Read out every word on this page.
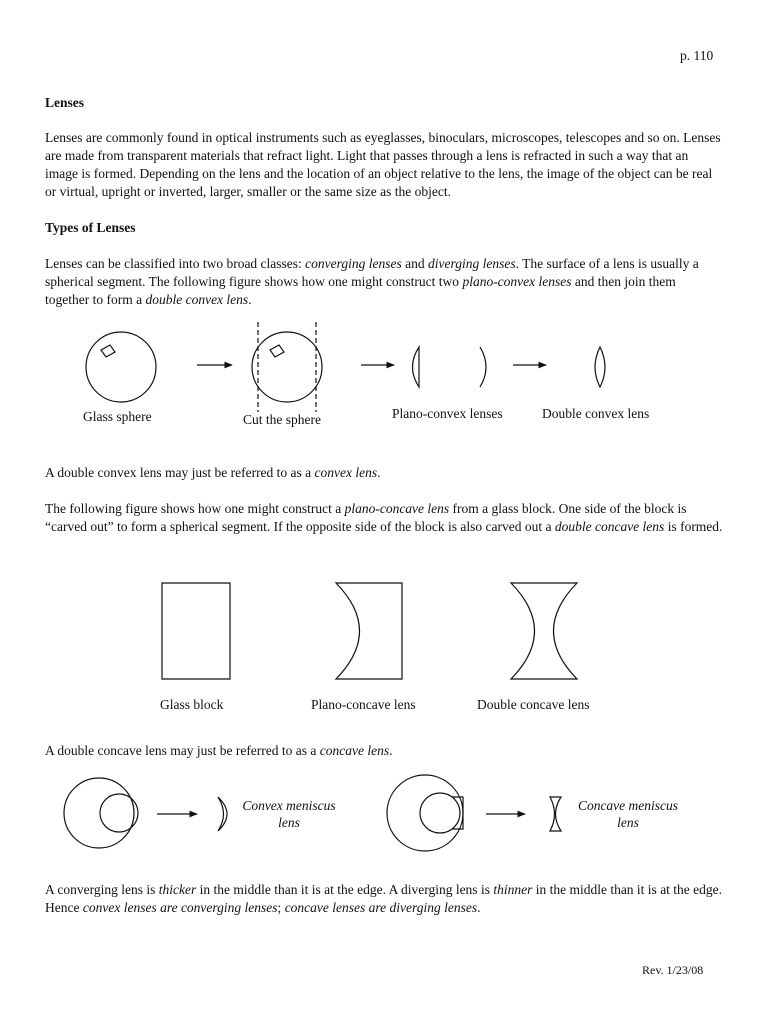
p. 110
Lenses

Lenses are commonly found in optical instruments such as eyeglasses, binoculars, microscopes, telescopes and so on. Lenses are made from transparent materials that refract light. Light that passes through a lens is refracted in such a way that an image is formed. Depending on the lens and the location of an object relative to the lens, the image of the object can be real or virtual, upright or inverted, larger, smaller or the same size as the object.

Types of Lenses

Lenses can be classified into two broad classes: converging lenses and diverging lenses. The surface of a lens is usually a spherical segment. The following figure shows how one might construct two plano-convex lenses and then join them together to form a double convex lens.

Glass sphere	Cut the sphere	Plano-convex lenses	Double convex lens

A double convex lens may just be referred to as a convex lens.

The following figure shows how one might construct a plano-concave lens from a glass block. One side of the block is “carved out” to form a spherical segment. If the opposite side of the block is also carved out a double concave lens is formed.

Glass block	Plano-concave lens	Double concave lens

A double concave lens may just be referred to as a concave lens.

Convex meniscus
lens
Concave meniscus
lens

A converging lens is thicker in the middle than it is at the edge. A diverging lens is thinner in the middle than it is at the edge. Hence convex lenses are converging lenses; concave lenses are diverging lenses.

Rev. 1/23/08
